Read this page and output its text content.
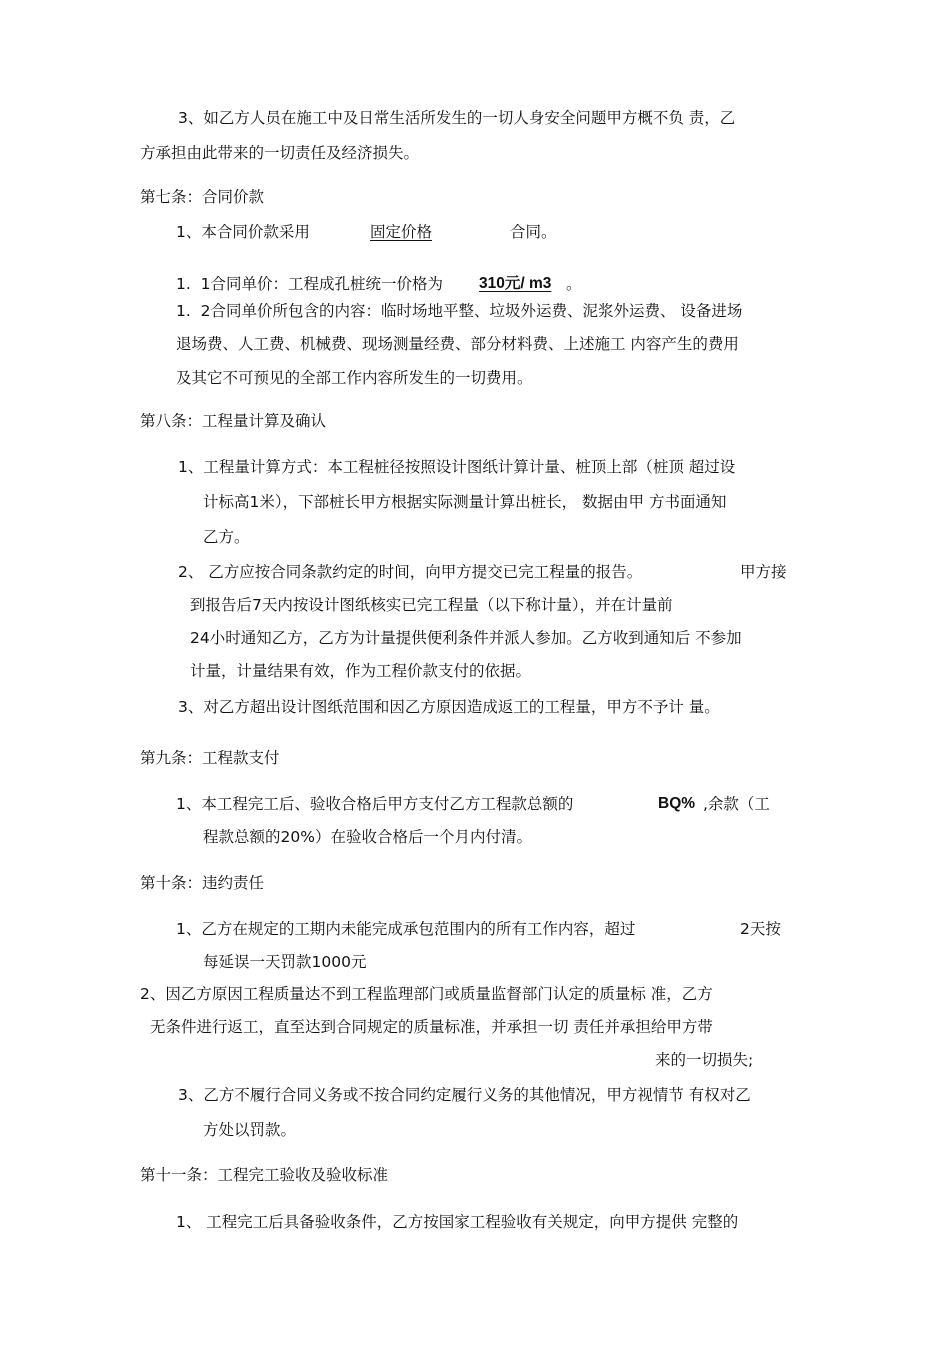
3、如乙方人员在施工中及日常生活所发生的一切人身安全问题甲方概不负 责，乙
方承担由此带来的一切责任及经济损失。
第七条：合同价款
1、本合同价款采用	固定价格	合同。
1.  1合同单价：工程成孔桩统一价格为 310元/ m3 。
1.  2合同单价所包含的内容：临时场地平整、垃圾外运费、泥浆外运费、 设备进场
退场费、人工费、机械费、现场测量经费、部分材料费、上述施工 内容产生的费用
及其它不可预见的全部工作内容所发生的一切费用。
第八条：工程量计算及确认
1、工程量计算方式：本工程桩径按照设计图纸计算计量、桩顶上部（桩顶 超过设
计标高1米），下部桩长甲方根据实际测量计算出桩长， 数据由甲 方书面通知
乙方。
2、 乙方应按合同条款约定的时间，向甲方提交已完工程量的报告。	甲方接
到报告后7天内按设计图纸核实已完工程量（以下称计量），并在计量前
24小时通知乙方，乙方为计量提供便利条件并派人参加。乙方收到通知后 不参加
计量，计量结果有效，作为工程价款支付的依据。
3、对乙方超出设计图纸范围和因乙方原因造成返工的工程量，甲方不予计 量。
第九条：工程款支付
1、本工程完工后、验收合格后甲方支付乙方工程款总额的	BQ% ,余款（工
程款总额的20%）在验收合格后一个月内付清。
第十条：违约责任
1、乙方在规定的工期内未能完成承包范围内的所有工作内容，超过	2天按
每延误一天罚款1000元
2、因乙方原因工程质量达不到工程监理部门或质量监督部门认定的质量标 准，乙方
无条件进行返工，直至达到合同规定的质量标准，并承担一切 责任并承担给甲方带
来的一切损失;
3、乙方不履行合同义务或不按合同约定履行义务的其他情况，甲方视情节 有权对乙
方处以罚款。
第十一条：工程完工验收及验收标准
1、 工程完工后具备验收条件，乙方按国家工程验收有关规定，向甲方提供 完整的
